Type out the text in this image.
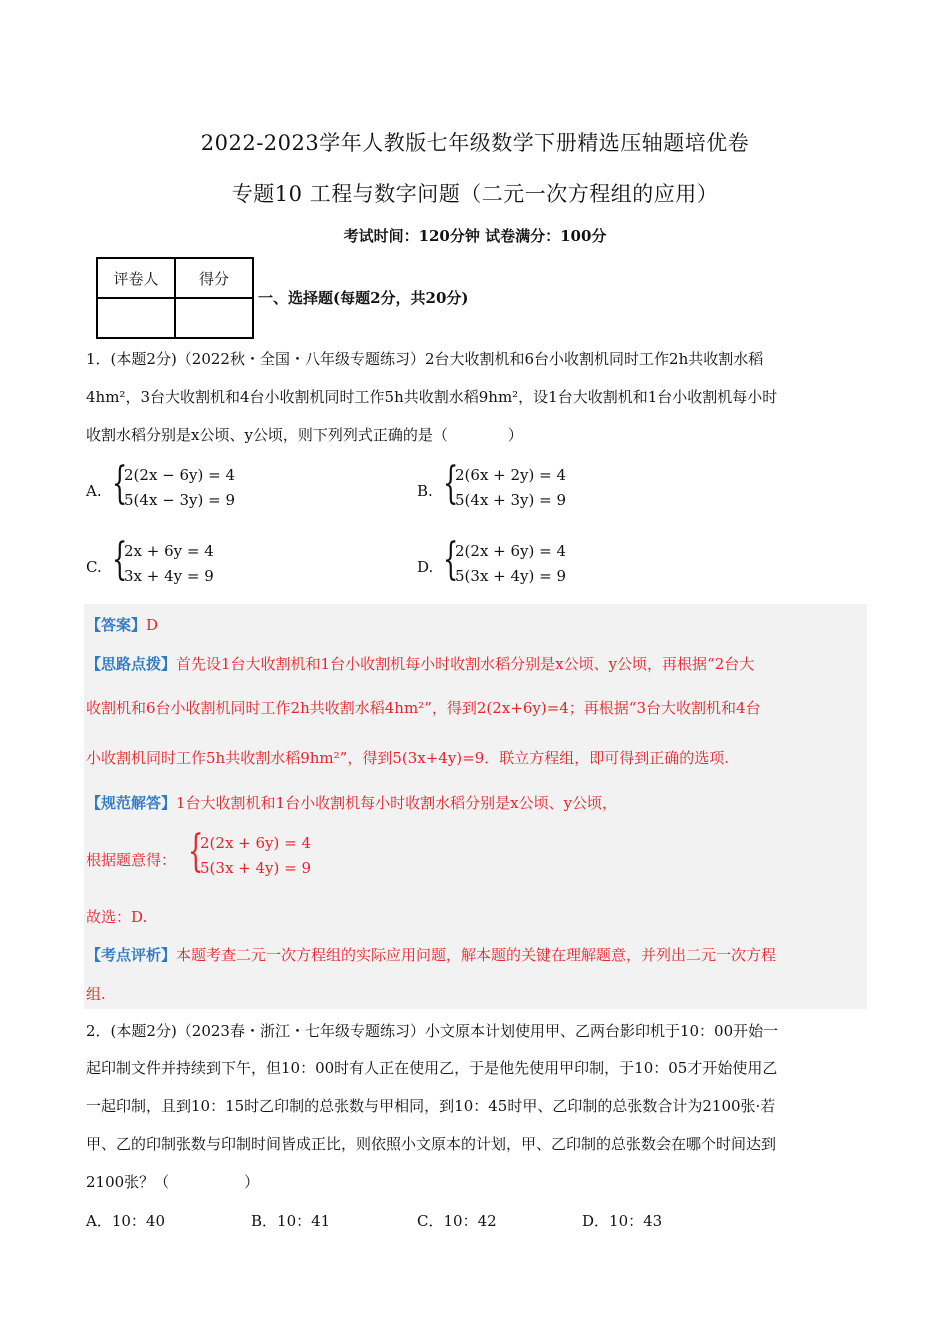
2022-2023学年人教版七年级数学下册精选压轴题培优卷
专题10 工程与数字问题（二元一次方程组的应用）
考试时间：120分钟 试卷满分：100分
评卷人	得分

一、选择题(每题2分，共20分)
1．(本题2分)（2022秋・全国・八年级专题练习）2台大收割机和6台小收割机同时工作2h共收割水稻
4hm²，3台大收割机和4台小收割机同时工作5h共收割水稻9hm²，设1台大收割机和1台小收割机每小时
收割水稻分别是x公顷、y公顷，则下列列式正确的是（　　　　）
A. {
2(2x − 6y) = 4
5(4x − 3y) = 9	B. {
2(6x + 2y) = 4
5(4x + 3y) = 9
C. {
2x + 6y = 4
3x + 4y = 9	D. {
2(2x + 6y) = 4
5(3x + 4y) = 9
【答案】D
【思路点拨】首先设1台大收割机和1台小收割机每小时收割水稻分别是x公顷、y公顷，再根据“2台大
收割机和6台小收割机同时工作2h共收割水稻4hm²”，得到2(2x+6y)=4；再根据“3台大收割机和4台
小收割机同时工作5h共收割水稻9hm²”，得到5(3x+4y)=9．联立方程组，即可得到正确的选项.
【规范解答】1台大收割机和1台小收割机每小时收割水稻分别是x公顷、y公顷，
根据题意得： {
2(2x + 6y) = 4
5(3x + 4y) = 9
故选：D.
【考点评析】本题考查二元一次方程组的实际应用问题，解本题的关键在理解题意，并列出二元一次方程
组.
2．(本题2分)（2023春・浙江・七年级专题练习）小文原本计划使用甲、乙两台影印机于10：00开始一
起印制文件并持续到下午，但10：00时有人正在使用乙，于是他先使用甲印制，于10：05才开始使用乙
一起印制，且到10：15时乙印制的总张数与甲相同，到10：45时甲、乙印制的总张数合计为2100张·若
甲、乙的印制张数与印制时间皆成正比，则依照小文原本的计划，甲、乙印制的总张数会在哪个时间达到
2100张？（　　　　　）
A．10：40	B．10：41	C．10：42	D．10：43
